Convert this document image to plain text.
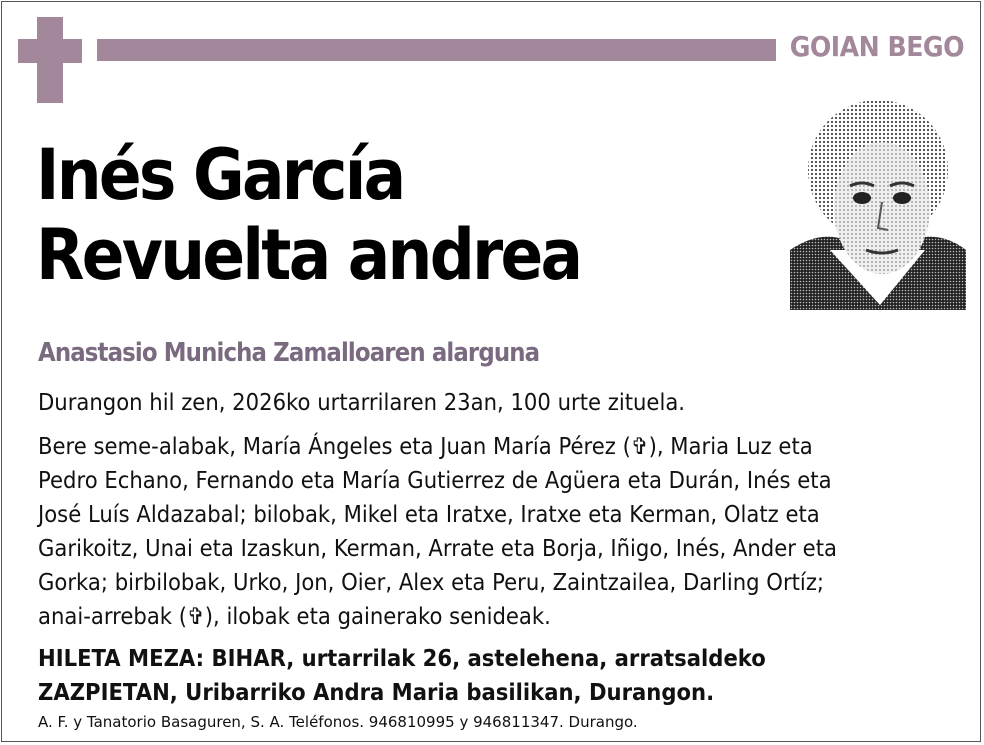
GOIAN BEGO
Inés García
Revuelta andrea
Anastasio Municha Zamalloaren alarguna
Durangon hil zen, 2026ko urtarrilaren 23an, 100 urte zituela.
Bere seme-alabak, María Ángeles eta Juan María Pérez (✞), Maria Luz eta
Pedro Echano, Fernando eta María Gutierrez de Agüera eta Durán, Inés eta
José Luís Aldazabal; bilobak, Mikel eta Iratxe, Iratxe eta Kerman, Olatz eta
Garikoitz, Unai eta Izaskun, Kerman, Arrate eta Borja, Iñigo, Inés, Ander eta
Gorka; birbilobak, Urko, Jon, Oier, Alex eta Peru, Zaintzailea, Darling Ortíz;
anai-arrebak (✞), ilobak eta gainerako senideak.
HILETA MEZA: BIHAR, urtarrilak 26, astelehena, arratsaldeko
ZAZPIETAN, Uribarriko Andra Maria basilikan, Durangon.
A. F. y Tanatorio Basaguren, S. A. Teléfonos. 946810995 y 946811347. Durango.
